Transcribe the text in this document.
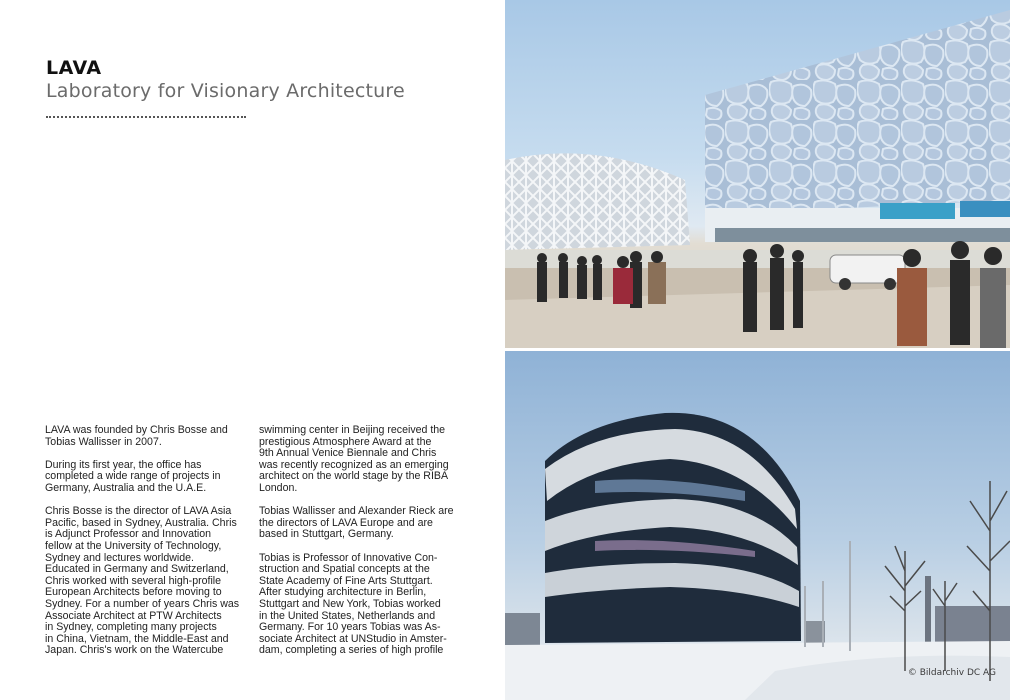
LAVA
Laboratory for Visionary Architecture

LAVA was founded by Chris Bosse and
Tobias Wallisser in 2007.

During its first year, the office has
completed a wide range of projects in
Germany, Australia and the U.A.E.

Chris Bosse is the director of LAVA Asia
Pacific, based in Sydney, Australia. Chris
is Adjunct Professor and Innovation
fellow at the University of Technology,
Sydney and lectures worldwide.
Educated in Germany and Switzerland,
Chris worked with several high-profile
European Architects before moving to
Sydney. For a number of years Chris was
Associate Architect at PTW Architects
in Sydney, completing many projects
in China, Vietnam, the Middle-East and
Japan. Chris's work on the Watercube

swimming center in Beijing received the
prestigious Atmosphere Award at the
9th Annual Venice Biennale and Chris
was recently recognized as an emerging
architect on the world stage by the RIBA
London.

Tobias Wallisser and Alexander Rieck are
the directors of LAVA Europe and are
based in Stuttgart, Germany.

Tobias is Professor of Innovative Con-
struction and Spatial concepts at the
State Academy of Fine Arts Stuttgart.
After studying architecture in Berlin,
Stuttgart and New York, Tobias worked
in the United States, Netherlands and
Germany. For 10 years Tobias was As-
sociate Architect at UNStudio in Amster-
dam, completing a series of high profile

© Bildarchiv DC AG
